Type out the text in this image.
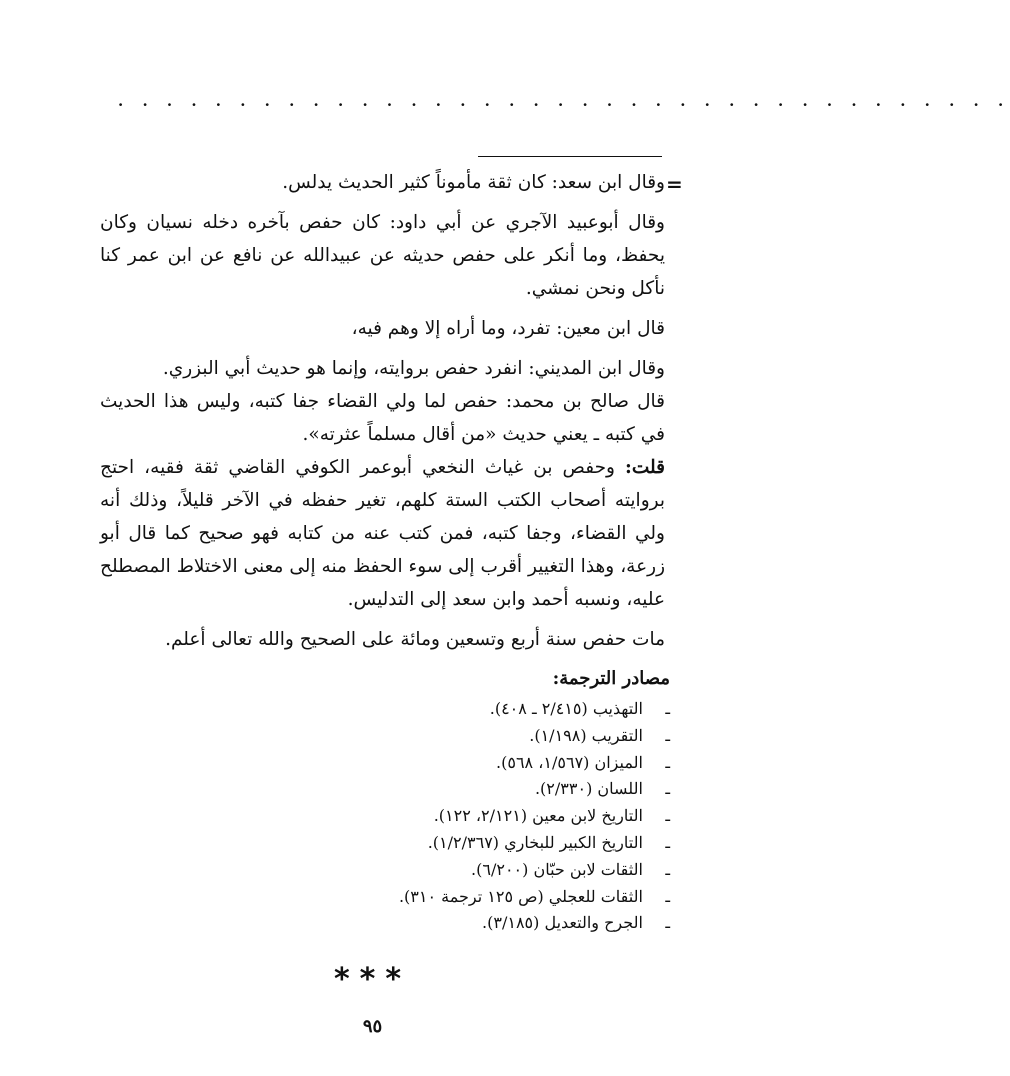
. . . . . . . . . . . . . . . . . . . . . . . . . . . . . . . . . . . . .
=

وقال ابن سعد: كان ثقة مأموناً كثير الحديث يدلس.

وقال أبوعبيد الآجري عن أبي داود: كان حفص بآخره دخله نسيان وكان يحفظ، وما أنكر على حفص حديثه عن عبيدالله عن نافع عن ابن عمر كنا نأكل ونحن نمشي.

قال ابن معين: تفرد، وما أراه إلا وهم فيه،

وقال ابن المديني: انفرد حفص بروايته، وإنما هو حديث أبي البزري.

قال صالح بن محمد: حفص لما ولي القضاء جفا كتبه، وليس هذا الحديث في كتبه ـ يعني حديث «من أقال مسلماً عثرته».

قلت: وحفص بن غياث النخعي أبوعمر الكوفي القاضي ثقة فقيه، احتج بروايته أصحاب الكتب الستة كلهم، تغير حفظه في الآخر قليلاً، وذلك أنه ولي القضاء، وجفا كتبه، فمن كتب عنه من كتابه فهو صحيح كما قال أبو زرعة، وهذا التغيير أقرب إلى سوء الحفظ منه إلى معنى الاختلاط المصطلح عليه، ونسبه أحمد وابن سعد إلى التدليس.

مات حفص سنة أربع وتسعين ومائة على الصحيح والله تعالى أعلم.

مصادر الترجمة:
ـ التهذيب (٢/٤١٥ ـ ٤٠٨).
ـ التقريب (١/١٩٨).
ـ الميزان (١/٥٦٧، ٥٦٨).
ـ اللسان (٢/٣٣٠).
ـ التاريخ لابن معين (٢/١٢١، ١٢٢).
ـ التاريخ الكبير للبخاري (١/٢/٣٦٧).
ـ الثقات لابن حبّان (٦/٢٠٠).
ـ الثقات للعجلي (ص ١٢٥ ترجمة ٣١٠).
ـ الجرح والتعديل (٣/١٨٥).
***
٩٥
